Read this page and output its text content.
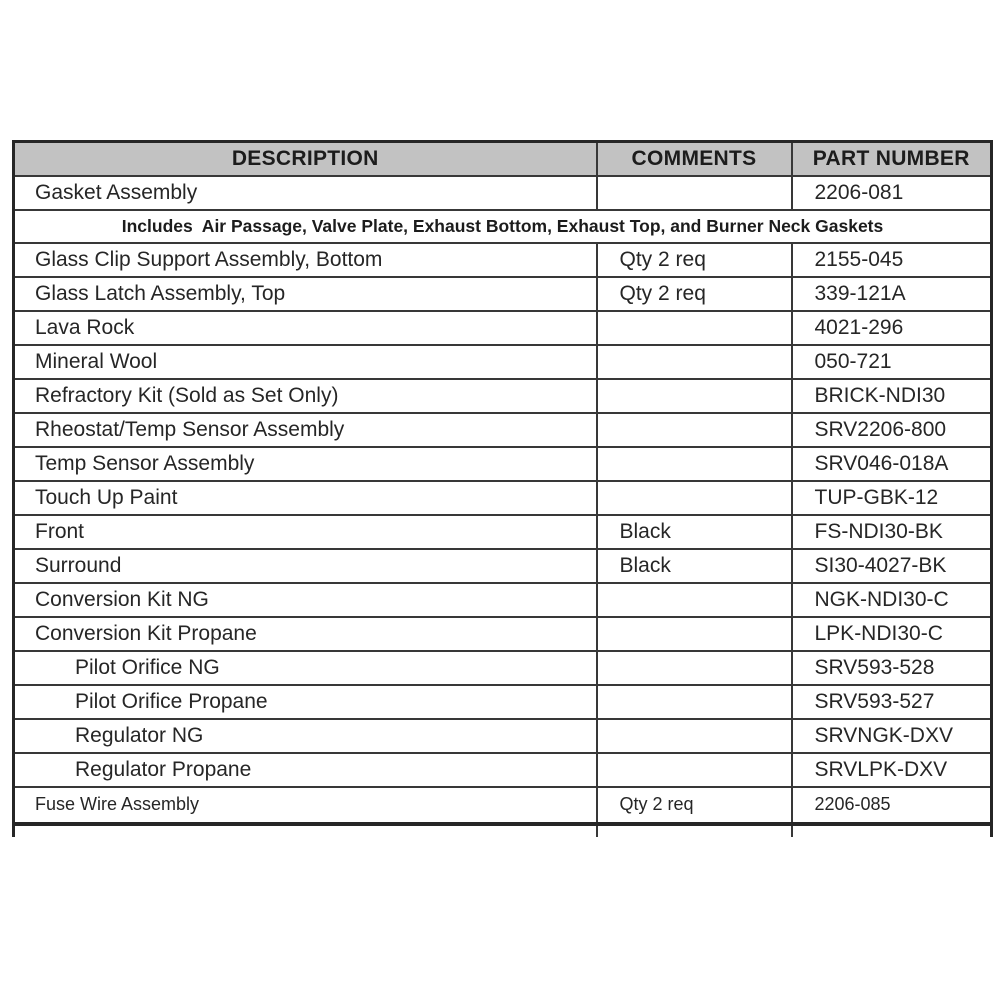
DESCRIPTION	COMMENTS	PART NUMBER
Gasket Assembly		2206-081
Includes  Air Passage, Valve Plate, Exhaust Bottom, Exhaust Top, and Burner Neck Gaskets		
Glass Clip Support Assembly, Bottom	Qty 2 req	2155-045
Glass Latch Assembly, Top	Qty 2 req	339-121A
Lava Rock		4021-296
Mineral Wool		050-721
Refractory Kit (Sold as Set Only)		BRICK-NDI30
Rheostat/Temp Sensor Assembly		SRV2206-800
Temp Sensor Assembly		SRV046-018A
Touch Up Paint		TUP-GBK-12
Front	Black	FS-NDI30-BK
Surround	Black	SI30-4027-BK
Conversion Kit NG		NGK-NDI30-C
Conversion Kit Propane		LPK-NDI30-C
Pilot Orifice NG		SRV593-528
Pilot Orifice Propane		SRV593-527
Regulator NG		SRVNGK-DXV
Regulator Propane		SRVLPK-DXV
Fuse Wire Assembly	Qty 2 req	2206-085
